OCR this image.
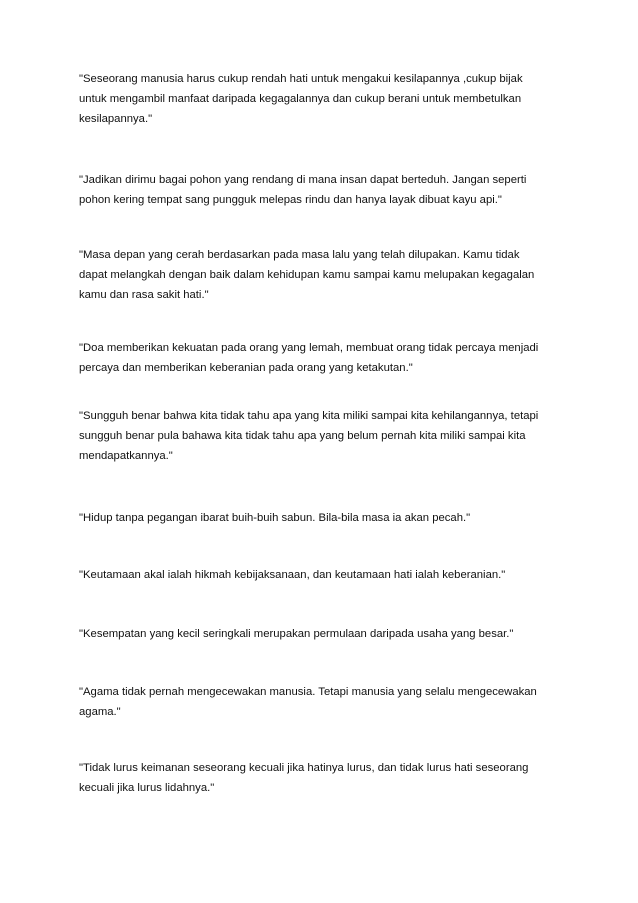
"Seseorang manusia harus cukup rendah hati untuk mengakui kesilapannya ,cukup bijak
untuk mengambil manfaat daripada kegagalannya dan cukup berani untuk membetulkan
kesilapannya."

"Jadikan dirimu bagai pohon yang rendang di mana insan dapat berteduh. Jangan seperti
pohon kering tempat sang pungguk melepas rindu dan hanya layak dibuat kayu api."

"Masa depan yang cerah berdasarkan pada masa lalu yang telah dilupakan. Kamu tidak
dapat melangkah dengan baik dalam kehidupan kamu sampai kamu melupakan kegagalan
kamu dan rasa sakit hati."

"Doa memberikan kekuatan pada orang yang lemah, membuat orang tidak percaya menjadi
percaya dan memberikan keberanian pada orang yang ketakutan."

"Sungguh benar bahwa kita tidak tahu apa yang kita miliki sampai kita kehilangannya, tetapi
sungguh benar pula bahawa kita tidak tahu apa yang belum pernah kita miliki sampai kita
mendapatkannya."

"Hidup tanpa pegangan ibarat buih-buih sabun. Bila-bila masa ia akan pecah."

"Keutamaan akal ialah hikmah kebijaksanaan, dan keutamaan hati ialah keberanian."

"Kesempatan yang kecil seringkali merupakan permulaan daripada usaha yang besar."

"Agama tidak pernah mengecewakan manusia. Tetapi manusia yang selalu mengecewakan
agama."

"Tidak lurus keimanan seseorang kecuali jika hatinya lurus, dan tidak lurus hati seseorang
kecuali jika lurus lidahnya."
